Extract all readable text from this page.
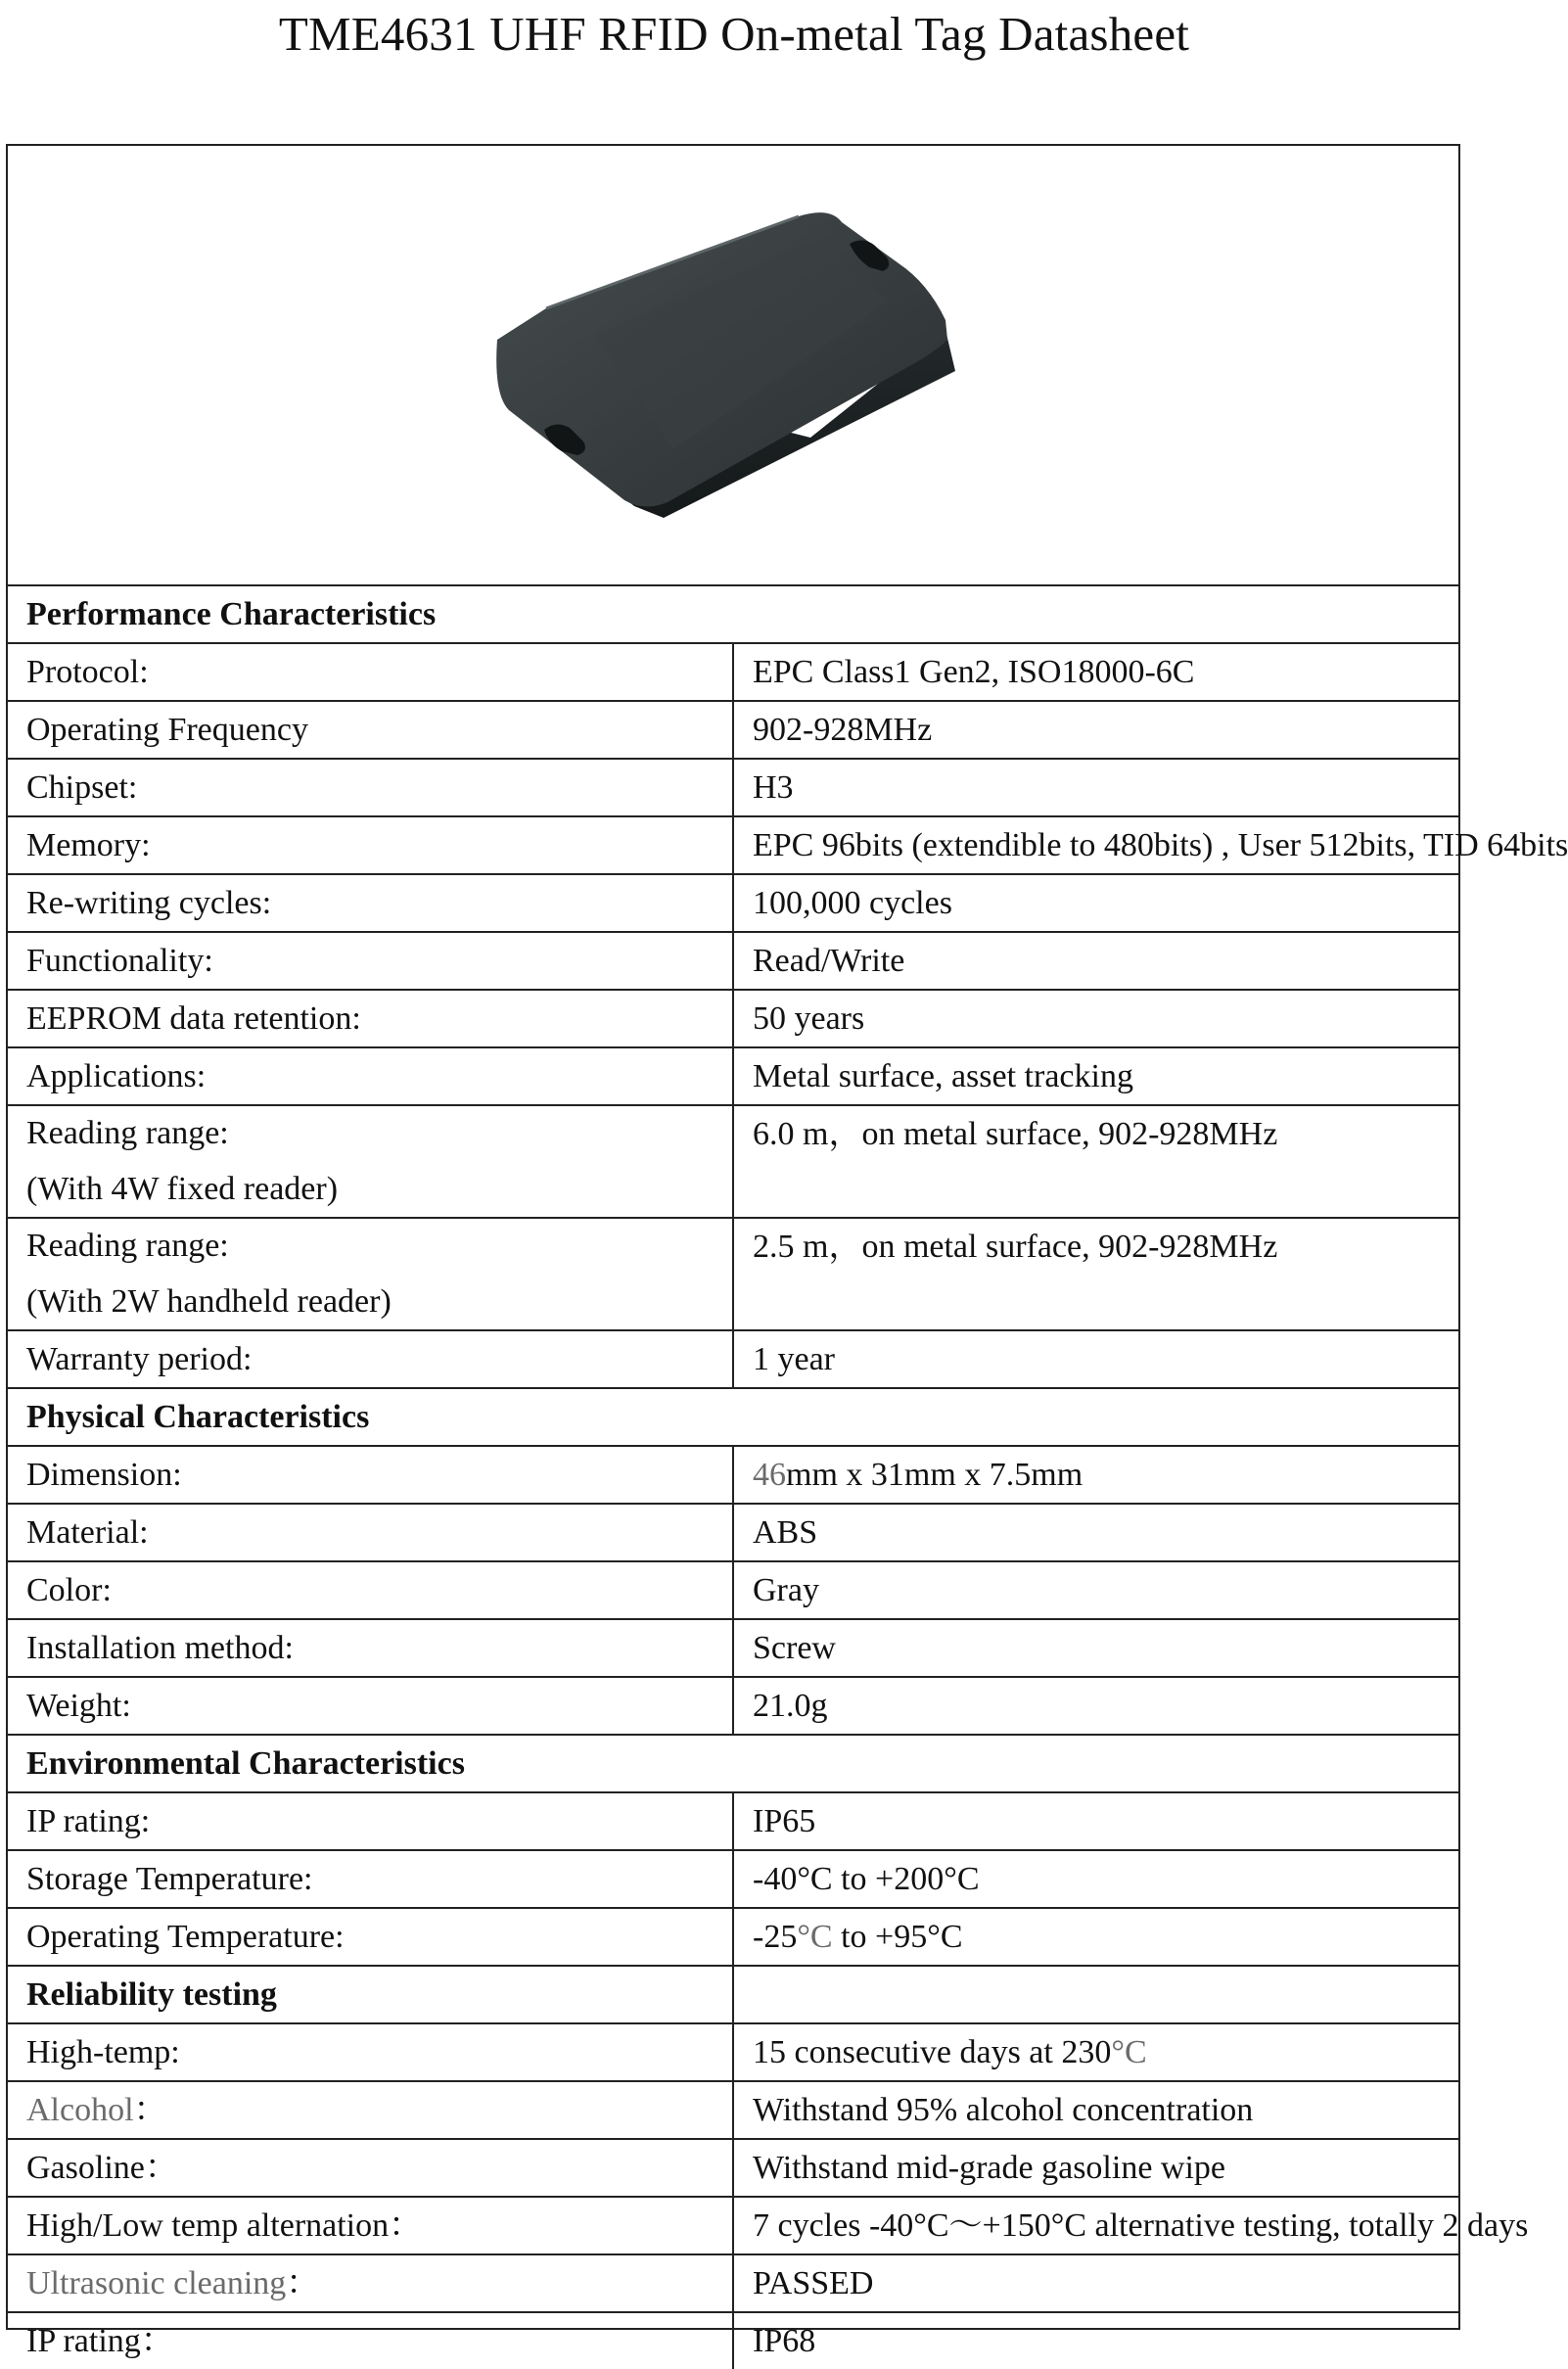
TME4631 UHF RFID On-metal Tag Datasheet
Performance Characteristics	
Protocol:	EPC Class1 Gen2, ISO18000-6C
Operating Frequency	902-928MHz
Chipset:	H3
Memory:	EPC 96bits (extendible to 480bits) , User 512bits, TID 64bits
Re-writing cycles:	100,000 cycles
Functionality:	Read/Write
EEPROM data retention:	50 years
Applications:	Metal surface, asset tracking

Reading range:
(With 4W fixed reader)	6.0 m，on metal surface, 902-928MHz

Reading range:
(With 2W handheld reader)	2.5 m，on metal surface, 902-928MHz
Warranty period:	1 year
Physical Characteristics	
Dimension:	46mm x 31mm x 7.5mm
Material:	ABS
Color:	Gray
Installation method:	Screw
Weight:	21.0g
Environmental Characteristics	
IP rating:	IP65
Storage Temperature:	-40°C to +200°C
Operating Temperature:	-25°C to +95°C
Reliability testing	
High-temp:	15 consecutive days at 230°C
Alcohol：	Withstand 95% alcohol concentration
Gasoline：	Withstand mid-grade gasoline wipe
High/Low temp alternation：	7 cycles -40°C～+150°C alternative testing, totally 2 days
Ultrasonic cleaning：	PASSED
IP rating：	IP68
